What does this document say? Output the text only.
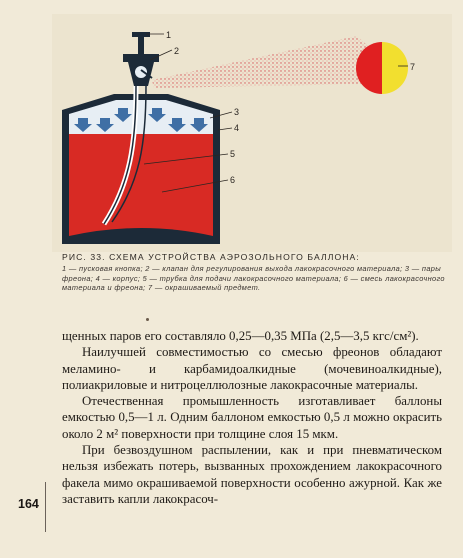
1
2
3
4
5
6
7
РИС. 33. СХЕМА УСТРОЙСТВА АЭРОЗОЛЬНОГО БАЛЛОНА:
1 — пусковая кнопка; 2 — клапан для регулирования выхода лакокрасочного материала; 3 — пары фреона; 4 — корпус; 5 — трубка для подачи лакокрасочного материала; 6 — смесь лакокрасочного материала и фреона; 7 — окрашиваемый предмет.

щенных паров его составляло 0,25—0,35 МПа (2,5—3,5 кгс/см²).

Наилучшей совместимостью со смесью фреонов обладают меламино- и карбамидоалкидные (мочевиноалкидные), полиакриловые и нитроцеллюлозные лакокрасочные материалы.

Отечественная промышленность изготавливает баллоны емкостью 0,5—1 л. Одним баллоном емкостью 0,5 л можно окрасить около 2 м² поверхности при толщине слоя 15 мкм.

При безвоздушном распылении, как и при пневматическом нельзя избежать потерь, вызванных прохождением лакокрасочного факела мимо окрашиваемой поверхности особенно ажурной. Как же заставить капли лакокрасоч-

164
